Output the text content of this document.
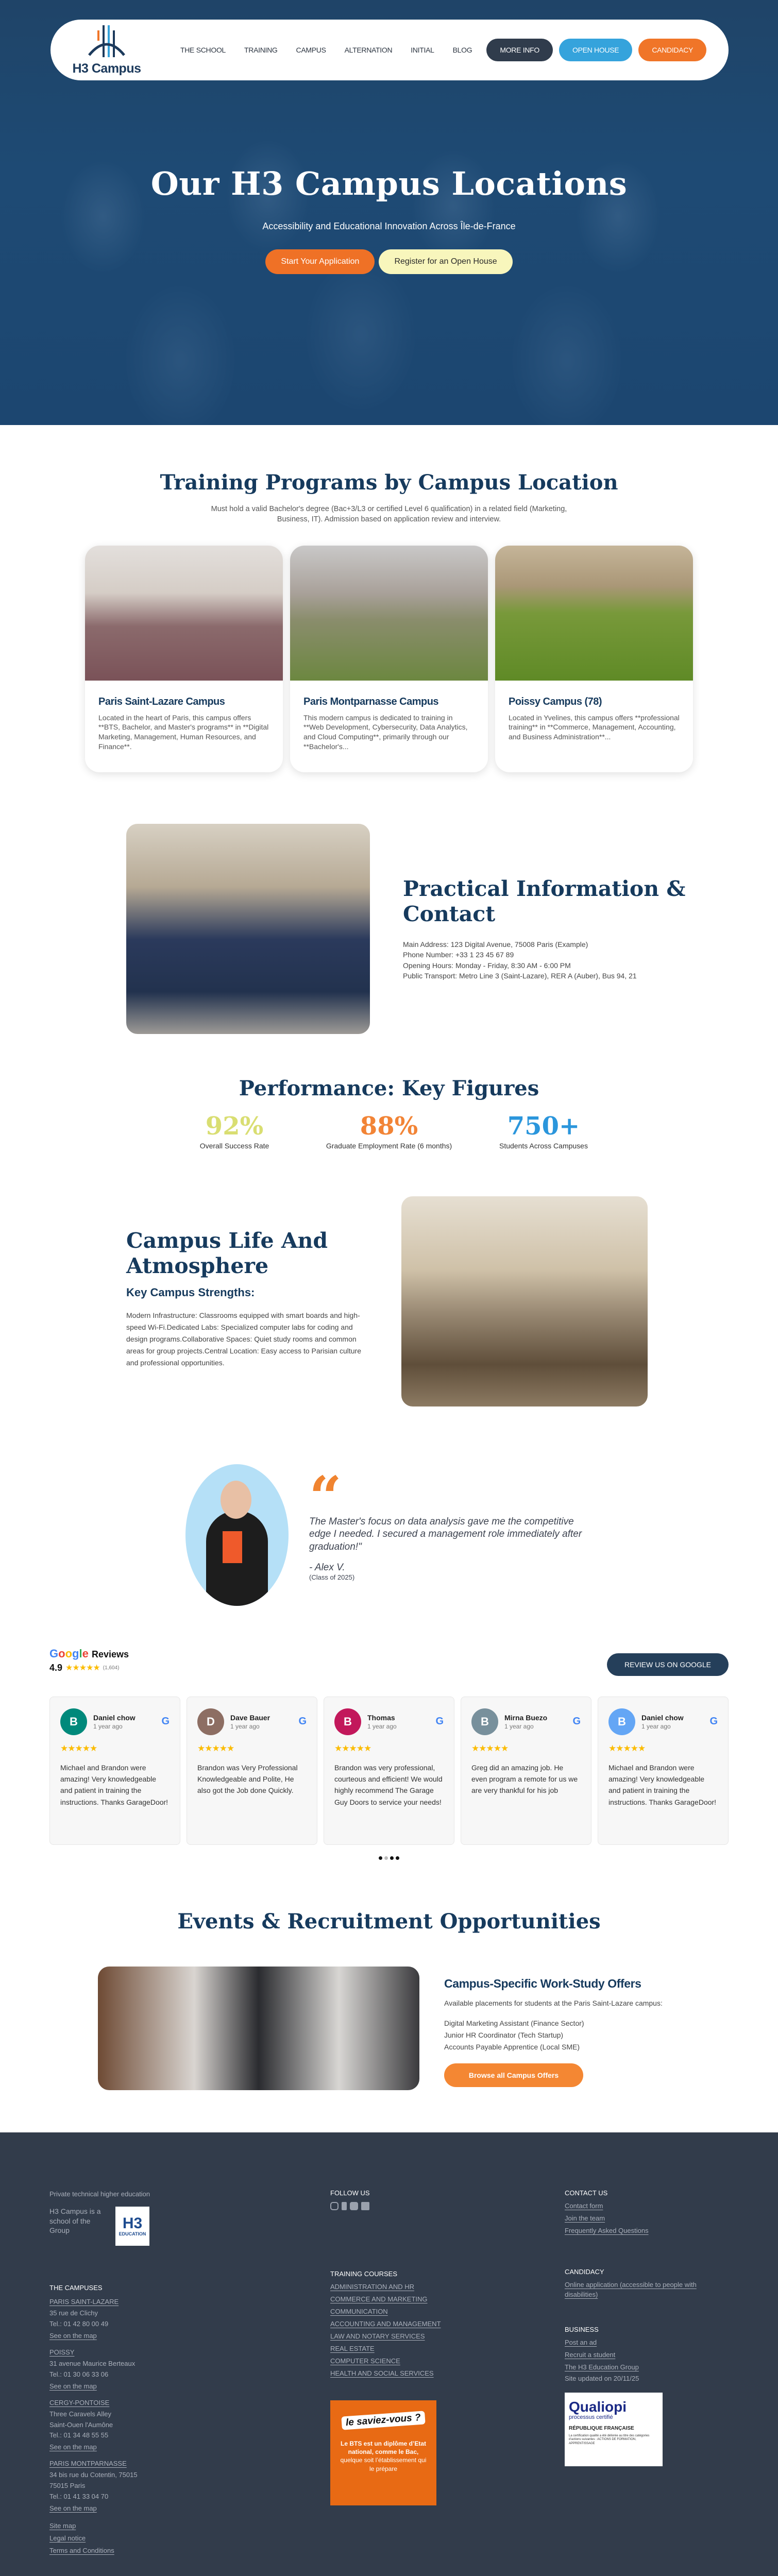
H3 Campus
THE SCHOOL	TRAINING	CAMPUS	ALTERNATION	INITIAL	BLOG	MORE INFO	OPEN HOUSE	CANDIDACY
Our H3 Campus Locations

Accessibility and Educational Innovation Across Île-de-France

Start Your Application	Register for an Open House
Training Programs by Campus Location

Must hold a valid Bachelor's degree (Bac+3/L3 or certified Level 6 qualification) in a related field (Marketing, Business, IT). Admission based on application review and interview.

Paris Saint-Lazare Campus
Located in the heart of Paris, this campus offers **BTS, Bachelor, and Master's programs** in **Digital Marketing, Management, Human Resources, and Finance**.
Paris Montparnasse Campus
This modern campus is dedicated to training in **Web Development, Cybersecurity, Data Analytics, and Cloud Computing**, primarily through our **Bachelor's...
Poissy Campus (78)
Located in Yvelines, this campus offers **professional training** in **Commerce, Management, Accounting, and Business Administration**...
Practical Information & Contact
Main Address: 123 Digital Avenue, 75008 Paris (Example)
Phone Number: +33 1 23 45 67 89
Opening Hours: Monday - Friday, 8:30 AM - 6:00 PM
Public Transport: Metro Line 3 (Saint-Lazare), RER A (Auber), Bus 94, 21
Performance: Key Figures
92%
Overall Success Rate
88%
Graduate Employment Rate (6 months)
750+
Students Across Campuses
Campus Life And Atmosphere
Key Campus Strengths:

Modern Infrastructure: Classrooms equipped with smart boards and high-speed Wi-Fi.Dedicated Labs: Specialized computer labs for coding and design programs.Collaborative Spaces: Quiet study rooms and common areas for group projects.Central Location: Easy access to Parisian culture and professional opportunities.

“

The Master's focus on data analysis gave me the competitive edge I needed. I secured a management role immediately after graduation!"

- Alex V.

(Class of 2025)

Google Reviews
4.9 ★★★★★ (1,604)	REVIEW US ON GOOGLE
B	Daniel chow
1 year ago	G
★★★★★

Michael and Brandon were amazing! Very knowledgeable and patient in training the instructions. Thanks GarageDoor!

D	Dave Bauer
1 year ago	G
★★★★★

Brandon was Very Professional Knowledgeable and Polite, He also got the Job done Quickly.

B	Thomas
1 year ago	G
★★★★★

Brandon was very professional, courteous and efficient! We would highly recommend The Garage Guy Doors to service your needs!

B	Mirna Buezo
1 year ago	G
★★★★★

Greg did an amazing job. He even program a remote for us we are very thankful for his job

B	Daniel chow
1 year ago	G
★★★★★

Michael and Brandon were amazing! Very knowledgeable and patient in training the instructions. Thanks GarageDoor!

Events & Recruitment Opportunities
Campus-Specific Work-Study Offers

Available placements for students at the Paris Saint-Lazare campus:

Digital Marketing Assistant (Finance Sector)
Junior HR Coordinator (Tech Startup)
Accounts Payable Apprentice (Local SME)
Browse all Campus Offers
Private technical higher education
H3 Campus is a school of the Group	H3
EDUCATION
THE CAMPUSES
PARIS SAINT-LAZARE
35 rue de Clichy
Tel.: 01 42 80 00 49
See on the map
POISSY
31 avenue Maurice Berteaux
Tel.: 01 30 06 33 06
See on the map
CERGY-PONTOISE
Three Caravels Alley
Saint-Ouen l'Aumône
Tel.: 01 34 48 55 55
See on the map
PARIS MONTPARNASSE
34 bis rue du Cotentin, 75015
75015 Paris
Tel.: 01 41 33 04 70
See on the map
Site map
Legal notice
Terms and Conditions
FOLLOW US
TRAINING COURSES
ADMINISTRATION AND HR
COMMERCE AND MARKETING
COMMUNICATION
ACCOUNTING AND MANAGEMENT
LAW AND NOTARY SERVICES
REAL ESTATE
COMPUTER SCIENCE
HEALTH AND SOCIAL SERVICES
le saviez-vous ?
Le BTS est un diplôme d’Etat national, comme le Bac,
quelque soit l’établissement qui le prépare
CONTACT US
Contact form
Join the team
Frequently Asked Questions
CANDIDACY
Online application (accessible to people with disabilities)
BUSINESS
Post an ad
Recruit a student
The H3 Education Group
Site updated on 20/11/25
Qualiopi
processus certifié
RÉPUBLIQUE FRANÇAISE
La certification qualité a été délivrée au titre des catégories d'actions suivantes : ACTIONS DE FORMATION, APPRENTISSAGE
